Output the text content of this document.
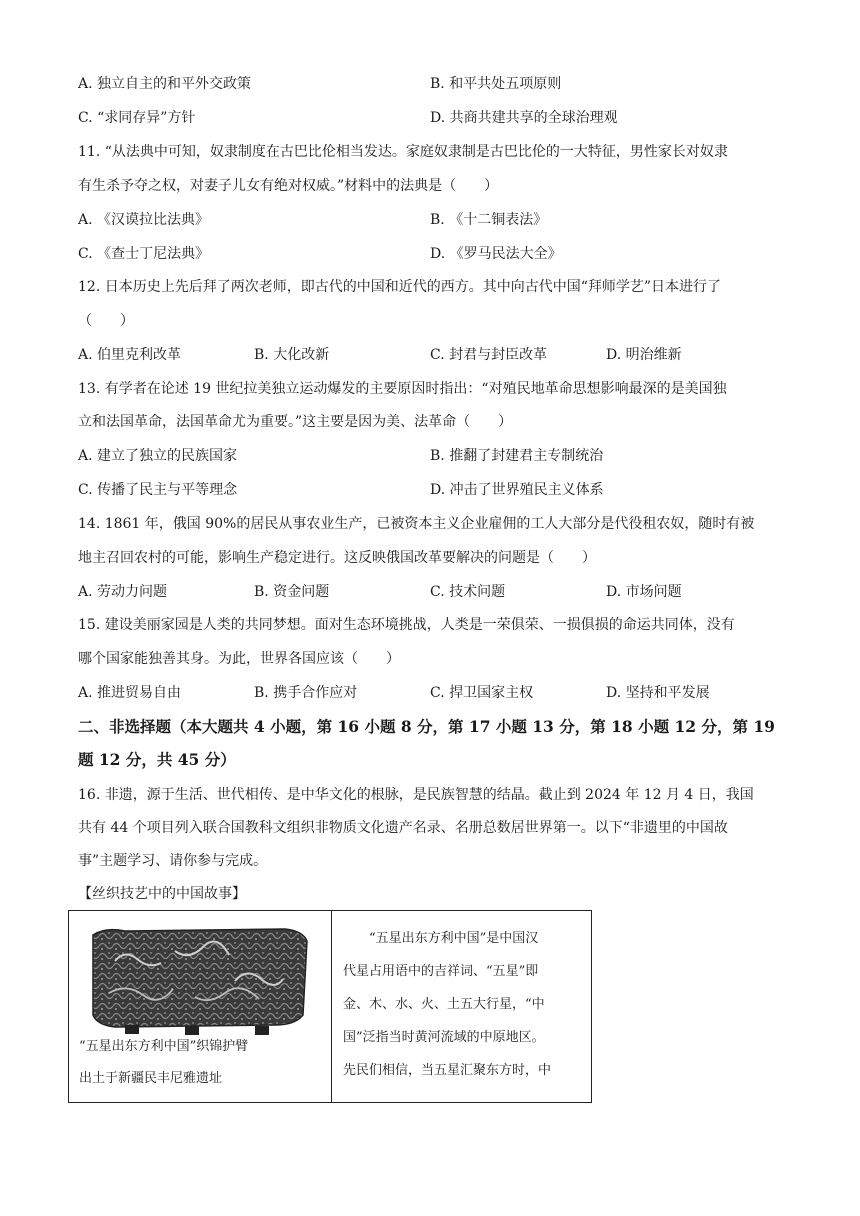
A. 独立自主的和平外交政策	B. 和平共处五项原则
C. “求同存异”方针	D. 共商共建共享的全球治理观
11. “从法典中可知，奴隶制度在古巴比伦相当发达。家庭奴隶制是古巴比伦的一大特征，男性家长对奴隶
有生杀予夺之权，对妻子儿女有绝对权威。”材料中的法典是（　　）
A. 《汉谟拉比法典》	B. 《十二铜表法》
C. 《查士丁尼法典》	D. 《罗马民法大全》
12. 日本历史上先后拜了两次老师，即古代的中国和近代的西方。其中向古代中国“拜师学艺”日本进行了
（　　）
A. 伯里克利改革	B. 大化改新	C. 封君与封臣改革	D. 明治维新
13. 有学者在论述 19 世纪拉美独立运动爆发的主要原因时指出：“对殖民地革命思想影响最深的是美国独
立和法国革命，法国革命尤为重要。”这主要是因为美、法革命（　　）
A. 建立了独立的民族国家	B. 推翻了封建君主专制统治
C. 传播了民主与平等理念	D. 冲击了世界殖民主义体系
14. 1861 年，俄国 90%的居民从事农业生产，已被资本主义企业雇佣的工人大部分是代役租农奴，随时有被
地主召回农村的可能，影响生产稳定进行。这反映俄国改革要解决的问题是（　　）
A. 劳动力问题	B. 资金问题	C. 技术问题	D. 市场问题
15. 建设美丽家园是人类的共同梦想。面对生态环境挑战，人类是一荣俱荣、一损俱损的命运共同体，没有
哪个国家能独善其身。为此，世界各国应该（　　）
A. 推进贸易自由	B. 携手合作应对	C. 捍卫国家主权	D. 坚持和平发展
二、非选择题（本大题共 4 小题，第 16 小题 8 分，第 17 小题 13 分，第 18 小题 12 分，第 19
题 12 分，共 45 分）
16. 非遗，源于生活、世代相传、是中华文化的根脉，是民族智慧的结晶。截止到 2024 年 12 月 4 日，我国
共有 44 个项目列入联合国教科文组织非物质文化遗产名录、名册总数居世界第一。以下“非遗里的中国故
事”主题学习、请你参与完成。
【丝织技艺中的中国故事】
“五星出东方利中国”织锦护臂
出土于新疆民丰尼雅遗址
　　“五星出东方利中国”是中国汉
代星占用语中的吉祥词、“五星”即
金、木、水、火、土五大行星，“中
国”泛指当时黄河流域的中原地区。
先民们相信，当五星汇聚东方时，中
